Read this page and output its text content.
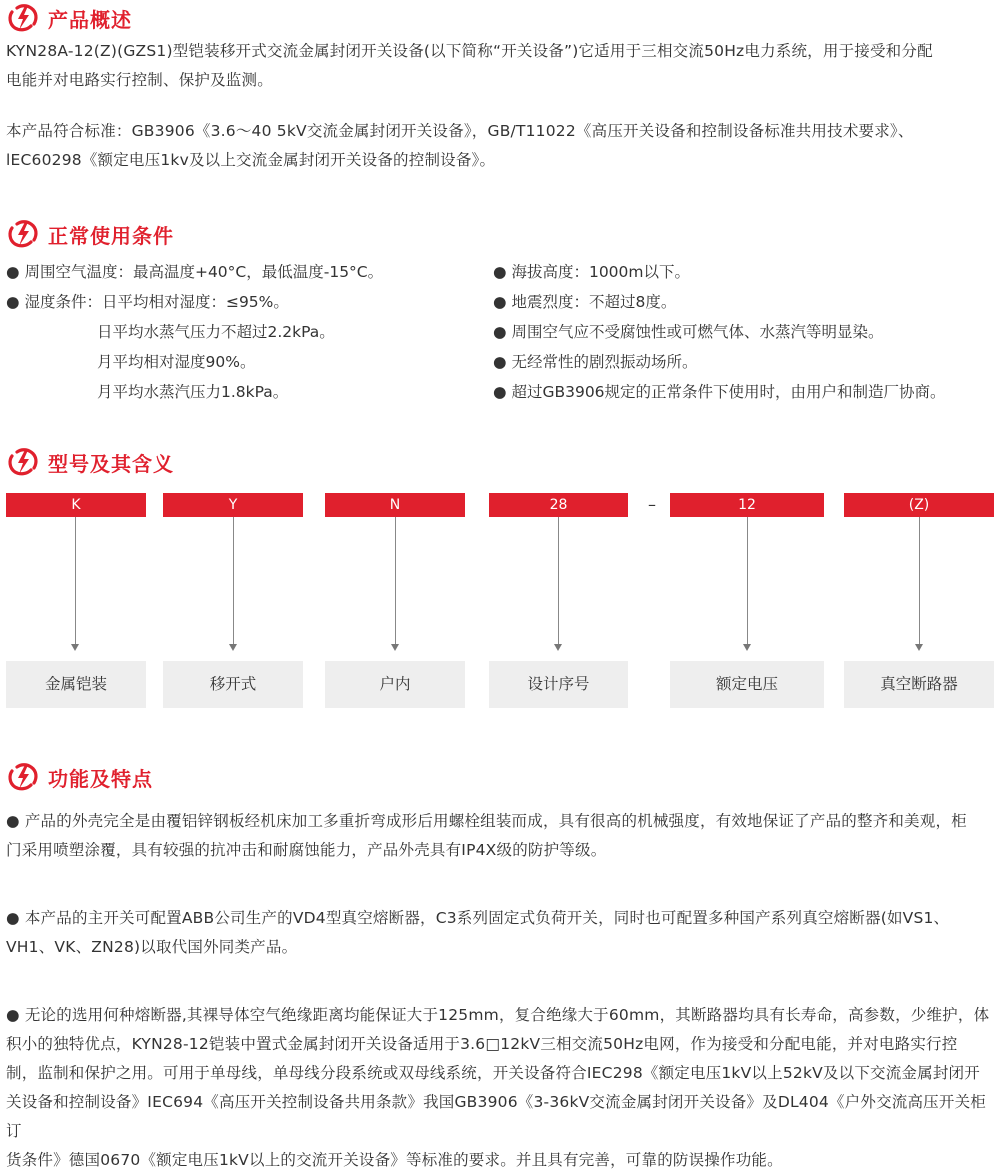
产品概述
KYN28A-12(Z)(GZS1)型铠装移开式交流金属封闭开关设备(以下简称“开关设备”)它适用于三相交流50Hz电力系统，用于接受和分配
电能并对电路实行控制、保护及监测。
本产品符合标准：GB3906《3.6～40 5kV交流金属封闭开关设备》，GB/T11022《高压开关设备和控制设备标准共用技术要求》、
lEC60298《额定电压1kv及以上交流金属封闭开关设备的控制设备》。
正常使用条件
● 周围空气温度：最高温度+40°C，最低温度-15°C。
● 湿度条件：日平均相对湿度：≤95%。
日平均水蒸气压力不超过2.2kPa。
月平均相对湿度90%。
月平均水蒸汽压力1.8kPa。
● 海拔高度：1000m以下。
● 地震烈度：不超过8度。
● 周围空气应不受腐蚀性或可燃气体、水蒸汽等明显染。
● 无经常性的剧烈振动场所。
● 超过GB3906规定的正常条件下使用时，由用户和制造厂协商。
型号及其含义
K	Y	N	28	–	12	(Z)
金属铠装	移开式	户内	设计序号	额定电压	真空断路器
功能及特点
● 产品的外壳完全是由覆铝锌钢板经机床加工多重折弯成形后用螺栓组装而成，具有很高的机械强度，有效地保证了产品的整齐和美观，柜
门采用喷塑涂覆，具有较强的抗冲击和耐腐蚀能力，产品外壳具有IP4X级的防护等级。
● 本产品的主开关可配置ABB公司生产的VD4型真空熔断器，C3系列固定式负荷开关，同时也可配置多种国产系列真空熔断器(如VS1、
VH1、VK、ZN28)以取代国外同类产品。
● 无论的选用何种熔断器,其裸导体空气绝缘距离均能保证大于125mm，复合绝缘大于60mm，其断路器均具有长寿命，高参数，少维护，体
积小的独特优点，KYN28-12铠装中置式金属封闭开关设备适用于3.6□12kV三相交流50Hz电网，作为接受和分配电能，并对电路实行控
制，监制和保护之用。可用于单母线，单母线分段系统或双母线系统，开关设备符合IEC298《额定电压1kV以上52kV及以下交流金属封闭开
关设备和控制设备》IEC694《高压开关控制设备共用条款》我国GB3906《3-36kV交流金属封闭开关设备》及DL404《户外交流高压开关柜订
货条件》德国0670《额定电压1kV以上的交流开关设备》等标准的要求。并且具有完善，可靠的防误操作功能。
